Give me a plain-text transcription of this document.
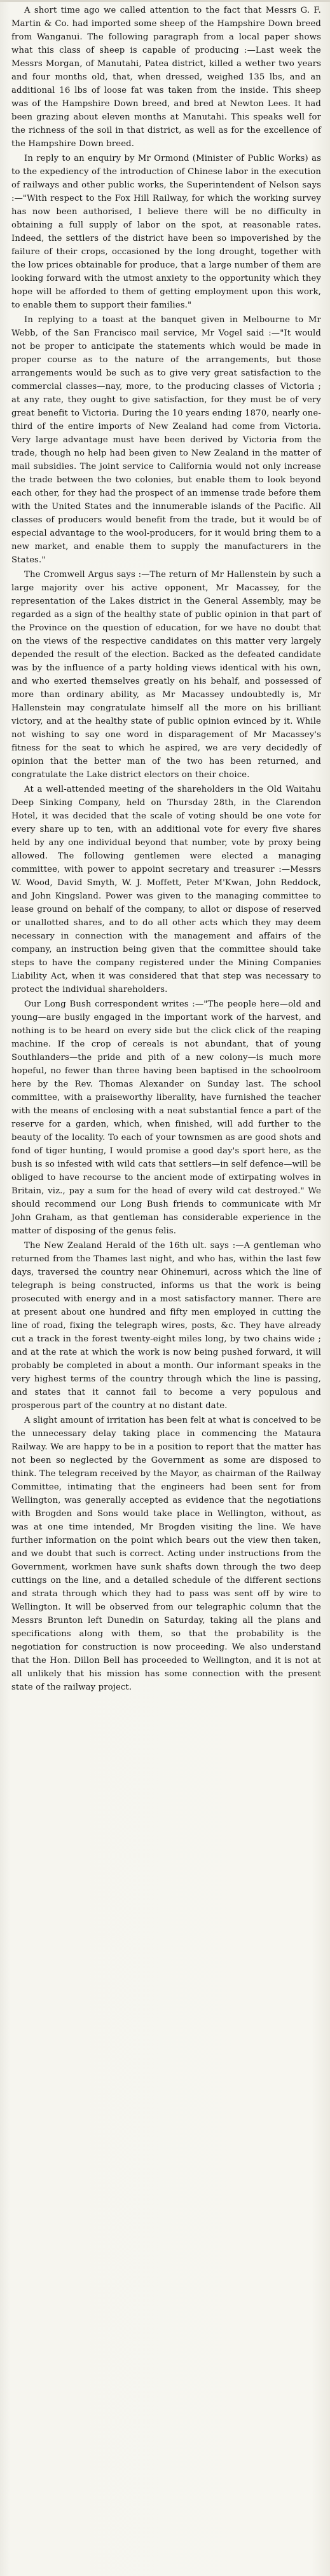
A short time ago we called attention to the fact that Messrs G. F. Martin & Co. had imported some sheep of the Hampshire Down breed from Wanganui. The following paragraph from a local paper shows what this class of sheep is capable of producing :—Last week the Messrs Morgan, of Manutahi, Patea district, killed a wether two years and four months old, that, when dressed, weighed 135 lbs, and an additional 16 lbs of loose fat was taken from the inside. This sheep was of the Hampshire Down breed, and bred at Newton Lees. It had been grazing about eleven months at Manutahi. This speaks well for the richness of the soil in that district, as well as for the excellence of the Hampshire Down breed.

In reply to an enquiry by Mr Ormond (Minister of Public Works) as to the expediency of the introduction of Chinese labor in the execution of railways and other public works, the Superintendent of Nelson says :—"With respect to the Fox Hill Railway, for which the working survey has now been authorised, I believe there will be no difficulty in obtaining a full supply of labor on the spot, at reasonable rates. Indeed, the settlers of the district have been so impoverished by the failure of their crops, occasioned by the long drought, together with the low prices obtainable for produce, that a large number of them are looking forward with the utmost anxiety to the opportunity which they hope will be afforded to them of getting employment upon this work, to enable them to support their families."

In replying to a toast at the banquet given in Melbourne to Mr Webb, of the San Francisco mail service, Mr Vogel said :—"It would not be proper to anticipate the statements which would be made in proper course as to the nature of the arrangements, but those arrangements would be such as to give very great satisfaction to the commercial classes—nay, more, to the producing classes of Victoria ; at any rate, they ought to give satisfaction, for they must be of very great benefit to Victoria. During the 10 years ending 1870, nearly one-third of the entire imports of New Zealand had come from Victoria. Very large advantage must have been derived by Victoria from the trade, though no help had been given to New Zealand in the matter of mail subsidies. The joint service to California would not only increase the trade between the two colonies, but enable them to look beyond each other, for they had the prospect of an immense trade before them with the United States and the innumerable islands of the Pacific. All classes of producers would benefit from the trade, but it would be of especial advantage to the wool-producers, for it would bring them to a new market, and enable them to supply the manufacturers in the States."

The Cromwell Argus says :—The return of Mr Hallenstein by such a large majority over his active opponent, Mr Macassey, for the representation of the Lakes district in the General Assembly, may be regarded as a sign of the healthy state of public opinion in that part of the Province on the question of education, for we have no doubt that on the views of the respective candidates on this matter very largely depended the result of the election. Backed as the defeated candidate was by the influence of a party holding views identical with his own, and who exerted themselves greatly on his behalf, and possessed of more than ordinary ability, as Mr Macassey undoubtedly is, Mr Hallenstein may congratulate himself all the more on his brilliant victory, and at the healthy state of public opinion evinced by it. While not wishing to say one word in disparagement of Mr Macassey's fitness for the seat to which he aspired, we are very decidedly of opinion that the better man of the two has been returned, and congratulate the Lake district electors on their choice.

At a well-attended meeting of the shareholders in the Old Waitahu Deep Sinking Company, held on Thursday 28th, in the Clarendon Hotel, it was decided that the scale of voting should be one vote for every share up to ten, with an additional vote for every five shares held by any one individual beyond that number, vote by proxy being allowed. The following gentlemen were elected a managing committee, with power to appoint secretary and treasurer :—Messrs W. Wood, David Smyth, W. J. Moffett, Peter M'Kwan, John Reddock, and John Kingsland. Power was given to the managing committee to lease ground on behalf of the company, to allot or dispose of reserved or unallotted shares, and to do all other acts which they may deem necessary in connection with the management and affairs of the company, an instruction being given that the committee should take steps to have the company registered under the Mining Companies Liability Act, when it was considered that that step was necessary to protect the individual shareholders.

Our Long Bush correspondent writes :—"The people here—old and young—are busily engaged in the important work of the harvest, and nothing is to be heard on every side but the click click of the reaping machine. If the crop of cereals is not abundant, that of young Southlanders—the pride and pith of a new colony—is much more hopeful, no fewer than three having been baptised in the schoolroom here by the Rev. Thomas Alexander on Sunday last. The school committee, with a praiseworthy liberality, have furnished the teacher with the means of enclosing with a neat substantial fence a part of the reserve for a garden, which, when finished, will add further to the beauty of the locality. To each of your townsmen as are good shots and fond of tiger hunting, I would promise a good day's sport here, as the bush is so infested with wild cats that settlers—in self defence—will be obliged to have recourse to the ancient mode of extirpating wolves in Britain, viz., pay a sum for the head of every wild cat destroyed." We should recommend our Long Bush friends to communicate with Mr John Graham, as that gentleman has considerable experience in the matter of disposing of the genus felis.

The New Zealand Herald of the 16th ult. says :—A gentleman who returned from the Thames last night, and who has, within the last few days, traversed the country near Ohinemuri, across which the line of telegraph is being constructed, informs us that the work is being prosecuted with energy and in a most satisfactory manner. There are at present about one hundred and fifty men employed in cutting the line of road, fixing the telegraph wires, posts, &c. They have already cut a track in the forest twenty-eight miles long, by two chains wide ; and at the rate at which the work is now being pushed forward, it will probably be completed in about a month. Our informant speaks in the very highest terms of the country through which the line is passing, and states that it cannot fail to become a very populous and prosperous part of the country at no distant date.

A slight amount of irritation has been felt at what is conceived to be the unnecessary delay taking place in commencing the Mataura Railway. We are happy to be in a position to report that the matter has not been so neglected by the Government as some are disposed to think. The telegram received by the Mayor, as chairman of the Railway Committee, intimating that the engineers had been sent for from Wellington, was generally accepted as evidence that the negotiations with Brogden and Sons would take place in Wellington, without, as was at one time intended, Mr Brogden visiting the line. We have further information on the point which bears out the view then taken, and we doubt that such is correct. Acting under instructions from the Government, workmen have sunk shafts down through the two deep cuttings on the line, and a detailed schedule of the different sections and strata through which they had to pass was sent off by wire to Wellington. It will be observed from our telegraphic column that the Messrs Brunton left Dunedin on Saturday, taking all the plans and specifications along with them, so that the probability is the negotiation for construction is now proceeding. We also understand that the Hon. Dillon Bell has proceeded to Wellington, and it is not at all unlikely that his mission has some connection with the present state of the railway project.
